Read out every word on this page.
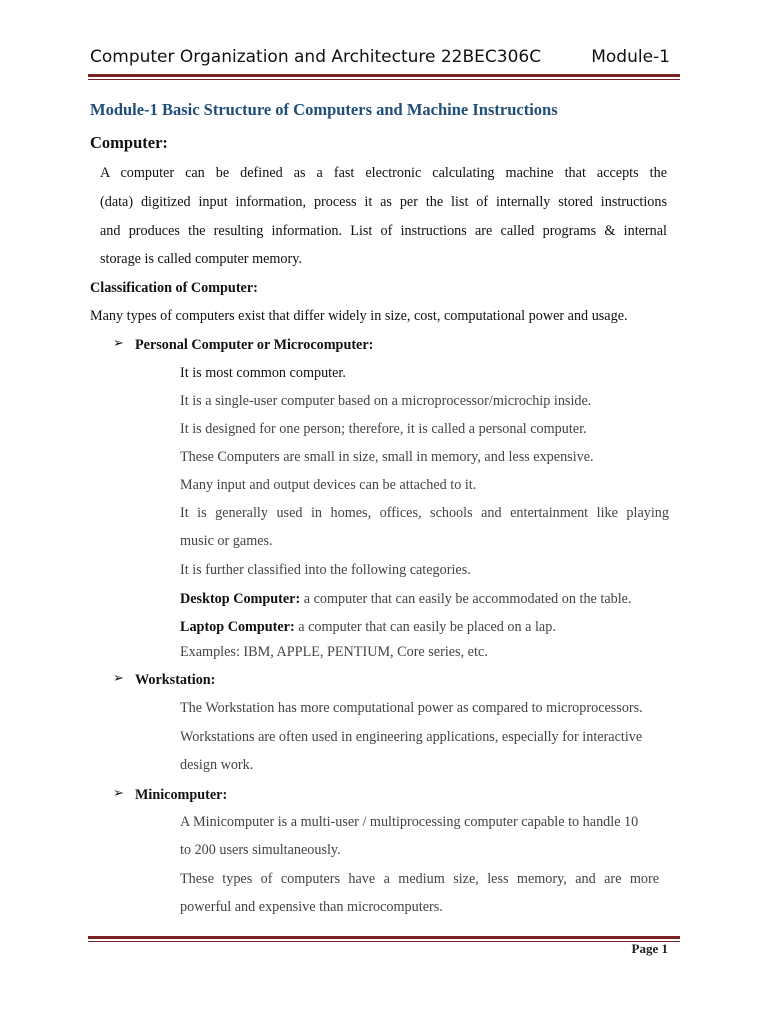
Computer Organization and Architecture 22BEC306C	Module-1
Module-1 Basic Structure of Computers and Machine Instructions
Computer:
A computer can be defined as a fast electronic calculating machine that accepts the
(data) digitized input information, process it as per the list of internally stored instructions
and produces the resulting information. List of instructions are called programs & internal
storage is called computer memory.
Classification of Computer:
Many types of computers exist that differ widely in size, cost, computational power and usage.
➢ Personal Computer or Microcomputer:
It is most common computer.
It is a single-user computer based on a microprocessor/microchip inside.
It is designed for one person; therefore, it is called a personal computer.
These Computers are small in size, small in memory, and less expensive.
Many input and output devices can be attached to it.
It is generally used in homes, offices, schools and entertainment like playing
music or games.
It is further classified into the following categories.
Desktop Computer: a computer that can easily be accommodated on the table.
Laptop Computer: a computer that can easily be placed on a lap.
Examples: IBM, APPLE, PENTIUM, Core series, etc.
➢ Workstation:
The Workstation has more computational power as compared to microprocessors.
Workstations are often used in engineering applications, especially for interactive
design work.
➢ Minicomputer:
A Minicomputer is a multi-user / multiprocessing computer capable to handle 10
to 200 users simultaneously.
These types of computers have a medium size, less memory, and are more
powerful and expensive than microcomputers.
Page 1
